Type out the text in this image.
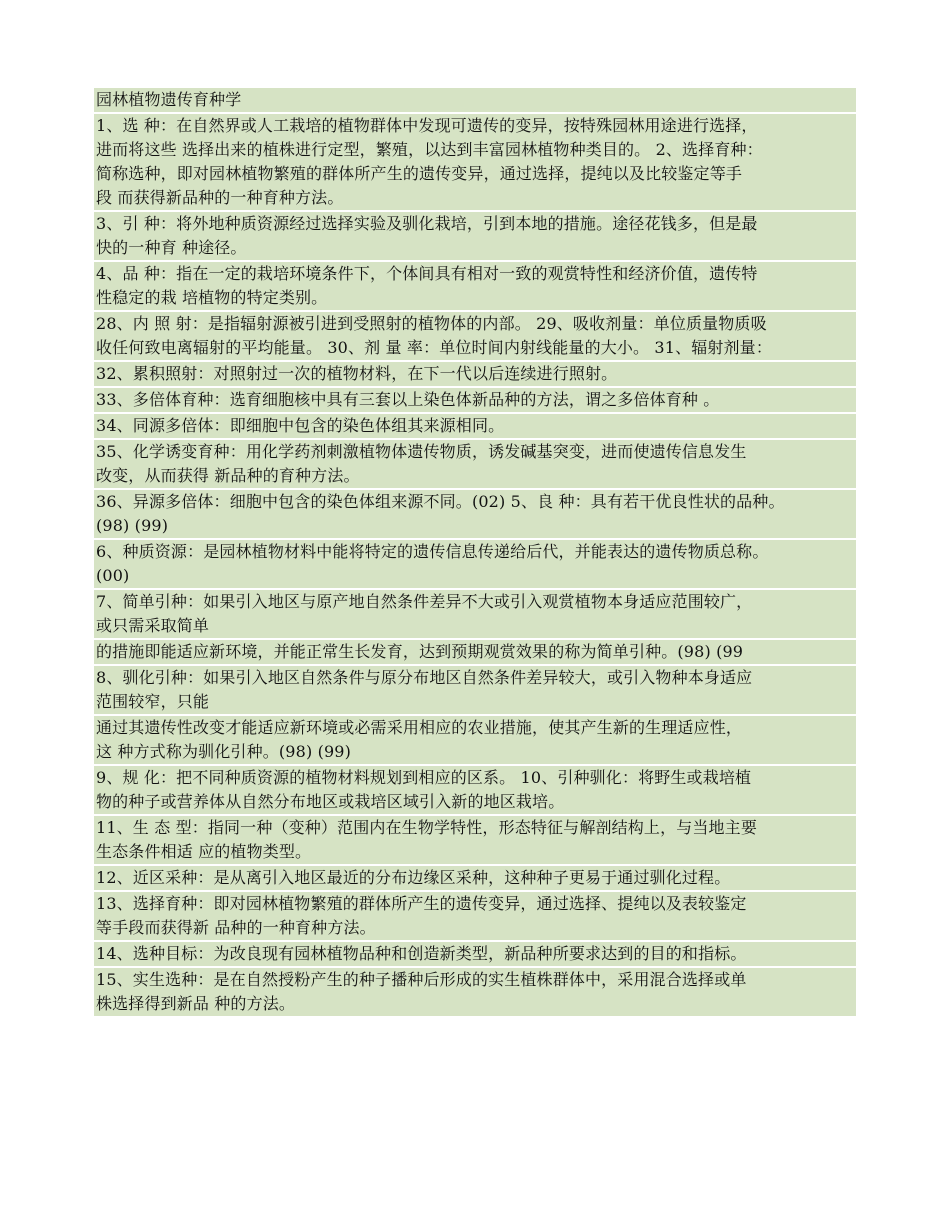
园林植物遗传育种学
1、选 种：在自然界或人工栽培的植物群体中发现可遗传的变异，按特殊园林用途进行选择，
进而将这些 选择出来的植株进行定型，繁殖，以达到丰富园林植物种类目的。 2、选择育种：
简称选种，即对园林植物繁殖的群体所产生的遗传变异，通过选择，提纯以及比较鉴定等手
段 而获得新品种的一种育种方法。
3、引 种：将外地种质资源经过选择实验及驯化栽培，引到本地的措施。途径花钱多，但是最
快的一种育 种途径。
4、品 种：指在一定的栽培环境条件下，个体间具有相对一致的观赏特性和经济价值，遗传特
性稳定的栽 培植物的特定类别。
28、内 照 射：是指辐射源被引进到受照射的植物体的内部。 29、吸收剂量：单位质量物质吸
收任何致电离辐射的平均能量。 30、剂 量 率：单位时间内射线能量的大小。 31、辐射剂量：
32、累积照射：对照射过一次的植物材料，在下一代以后连续进行照射。
33、多倍体育种：选育细胞核中具有三套以上染色体新品种的方法，谓之多倍体育种 。
34、同源多倍体：即细胞中包含的染色体组其来源相同。
35、化学诱变育种：用化学药剂刺激植物体遗传物质，诱发碱基突变，进而使遗传信息发生
改变，从而获得 新品种的育种方法。
36、异源多倍体：细胞中包含的染色体组来源不同。(02) 5、良 种：具有若干优良性状的品种。
(98) (99)
6、种质资源：是园林植物材料中能将特定的遗传信息传递给后代，并能表达的遗传物质总称。
(00)
7、简单引种：如果引入地区与原产地自然条件差异不大或引入观赏植物本身适应范围较广，
或只需采取简单
的措施即能适应新环境，并能正常生长发育，达到预期观赏效果的称为简单引种。(98) (99
8、驯化引种：如果引入地区自然条件与原分布地区自然条件差异较大，或引入物种本身适应
范围较窄，只能
通过其遗传性改变才能适应新环境或必需采用相应的农业措施，使其产生新的生理适应性，
这 种方式称为驯化引种。(98) (99)
9、规 化：把不同种质资源的植物材料规划到相应的区系。 10、引种驯化：将野生或栽培植
物的种子或营养体从自然分布地区或栽培区域引入新的地区栽培。
11、生 态 型：指同一种（变种）范围内在生物学特性，形态特征与解剖结构上，与当地主要
生态条件相适 应的植物类型。
12、近区采种：是从离引入地区最近的分布边缘区采种，这种种子更易于通过驯化过程。
13、选择育种：即对园林植物繁殖的群体所产生的遗传变异，通过选择、提纯以及表较鉴定
等手段而获得新 品种的一种育种方法。
14、选种目标：为改良现有园林植物品种和创造新类型，新品种所要求达到的目的和指标。
15、实生选种：是在自然授粉产生的种子播种后形成的实生植株群体中，采用混合选择或单
株选择得到新品 种的方法。
